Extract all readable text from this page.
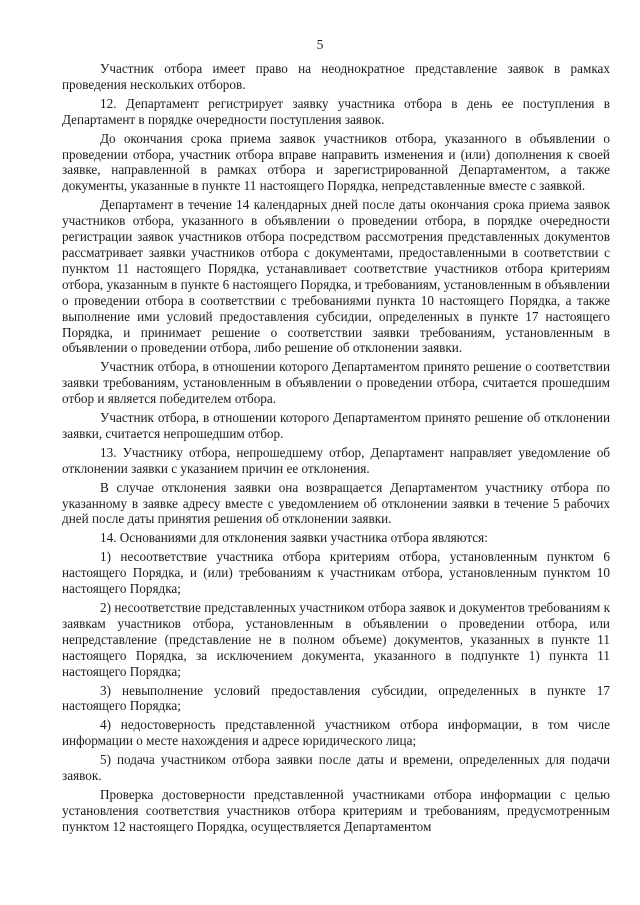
5

Участник отбора имеет право на неоднократное представление заявок в рамках проведения нескольких отборов.

12. Департамент регистрирует заявку участника отбора в день ее поступления в Департамент в порядке очередности поступления заявок.

До окончания срока приема заявок участников отбора, указанного в объявлении о проведении отбора, участник отбора вправе направить изменения и (или) дополнения к своей заявке, направленной в рамках отбора и зарегистрированной Департаментом, а также документы, указанные в пункте 11 настоящего Порядка, непредставленные вместе с заявкой.

Департамент в течение 14 календарных дней после даты окончания срока приема заявок участников отбора, указанного в объявлении о проведении отбора, в порядке очередности регистрации заявок участников отбора посредством рассмотрения представленных документов рассматривает заявки участников отбора с документами, предоставленными в соответствии с пунктом 11 настоящего Порядка, устанавливает соответствие участников отбора критериям отбора, указанным в пункте 6 настоящего Порядка, и требованиям, установленным в объявлении о проведении отбора в соответствии с требованиями пункта 10 настоящего Порядка, а также выполнение ими условий предоставления субсидии, определенных в пункте 17 настоящего Порядка, и принимает решение о соответствии заявки требованиям, установленным в объявлении о проведении отбора, либо решение об отклонении заявки.

Участник отбора, в отношении которого Департаментом принято решение о соответствии заявки требованиям, установленным в объявлении о проведении отбора, считается прошедшим отбор и является победителем отбора.

Участник отбора, в отношении которого Департаментом принято решение об отклонении заявки, считается непрошедшим отбор.

13. Участнику отбора, непрошедшему отбор, Департамент направляет уведомление об отклонении заявки с указанием причин ее отклонения.

В случае отклонения заявки она возвращается Департаментом участнику отбора по указанному в заявке адресу вместе с уведомлением об отклонении заявки в течение 5 рабочих дней после даты принятия решения об отклонении заявки.

14. Основаниями для отклонения заявки участника отбора являются:

1) несоответствие участника отбора критериям отбора, установленным пунктом 6 настоящего Порядка, и (или) требованиям к участникам отбора, установленным пунктом 10 настоящего Порядка;

2) несоответствие представленных участником отбора заявок и документов требованиям к заявкам участников отбора, установленным в объявлении о проведении отбора, или непредставление (представление не в полном объеме) документов, указанных в пункте 11 настоящего Порядка, за исключением документа, указанного в подпункте 1) пункта 11 настоящего Порядка;

3) невыполнение условий предоставления субсидии, определенных в пункте 17 настоящего Порядка;

4) недостоверность представленной участником отбора информации, в том числе информации о месте нахождения и адресе юридического лица;

5) подача участником отбора заявки после даты и времени, определенных для подачи заявок.

Проверка достоверности представленной участниками отбора информации с целью установления соответствия участников отбора критериям и требованиям, предусмотренным пунктом 12 настоящего Порядка, осуществляется Департаментом
